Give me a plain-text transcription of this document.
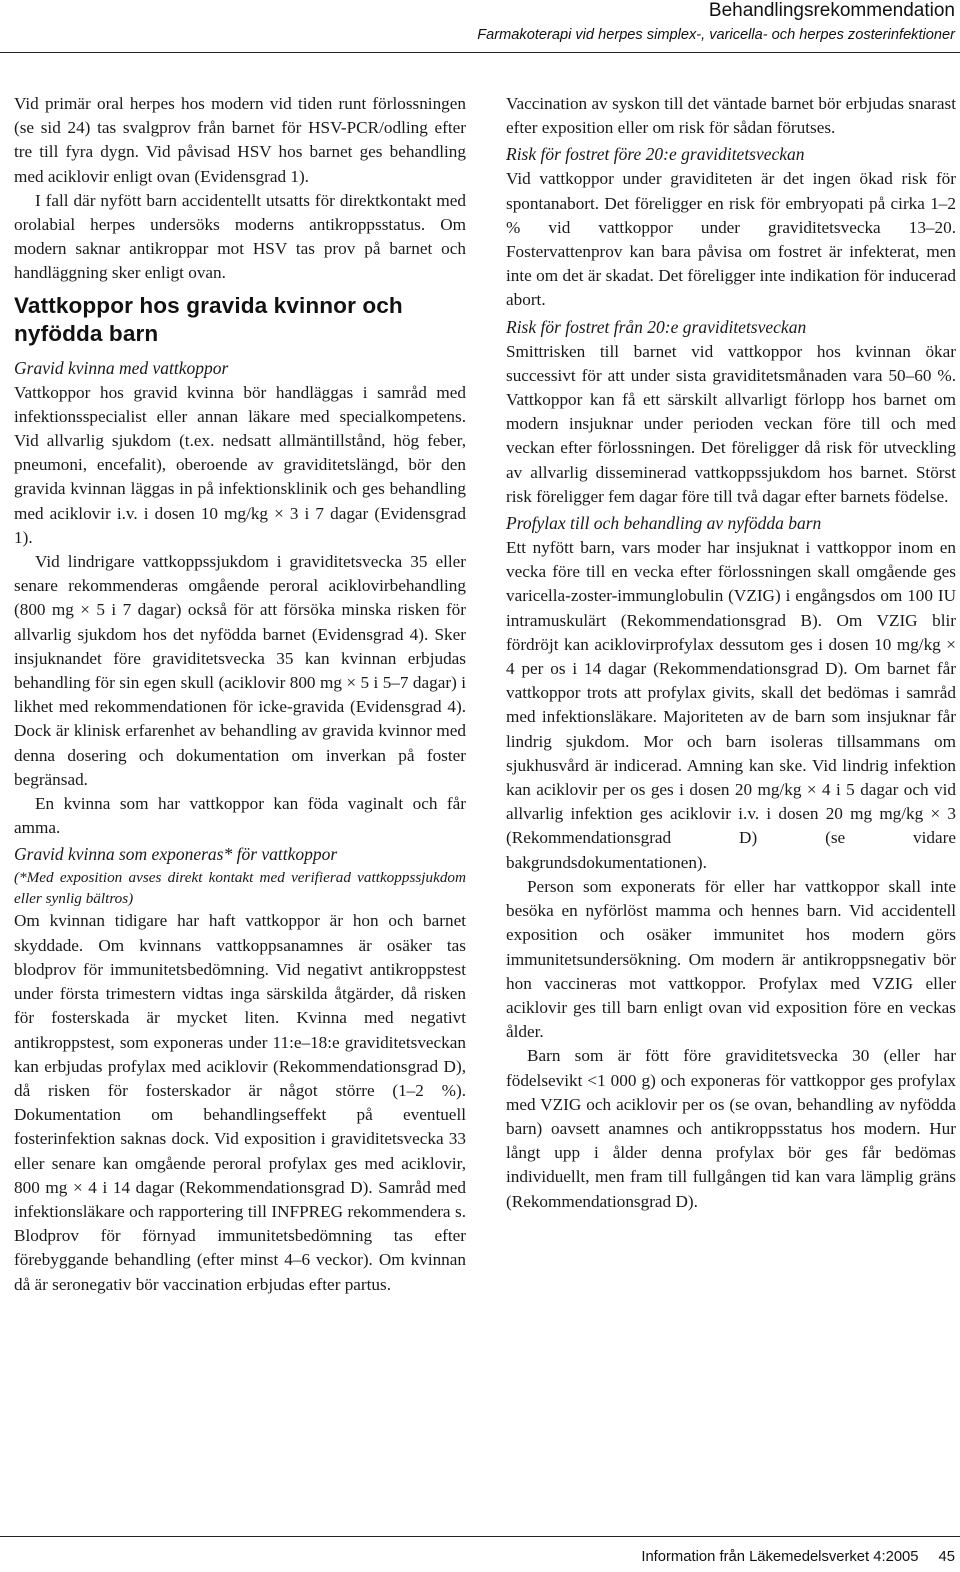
Behandlingsrekommendation
Farmakoterapi vid herpes simplex-, varicella- och herpes zosterinfektioner

Vid primär oral herpes hos modern vid tiden runt förlossningen (se sid 24) tas svalgprov från barnet för HSV-PCR/odling efter tre till fyra dygn. Vid påvisad HSV hos barnet ges behandling med aciklovir enligt ovan (Evidensgrad 1).

I fall där nyfött barn accidentellt utsatts för direktkontakt med orolabial herpes undersöks moderns antikroppsstatus. Om modern saknar antikroppar mot HSV tas prov på barnet och handläggning sker enligt ovan.

Vattkoppor hos gravida kvinnor och nyfödda barn
Gravid kvinna med vattkoppor

Vattkoppor hos gravid kvinna bör handläggas i samråd med infektionsspecialist eller annan läkare med specialkompetens. Vid allvarlig sjukdom (t.ex. nedsatt allmäntillstånd, hög feber, pneumoni, encefalit), oberoende av graviditetslängd, bör den gravida kvinnan läggas in på infektionsklinik och ges behandling med aciklovir i.v. i dosen 10 mg/kg × 3 i 7 dagar (Evidensgrad 1).

Vid lindrigare vattkoppssjukdom i graviditetsvecka 35 eller senare rekommenderas omgående peroral aciklovirbehandling (800 mg × 5 i 7 dagar) också för att försöka minska risken för allvarlig sjukdom hos det nyfödda barnet (Evidensgrad 4). Sker insjuknandet före graviditetsvecka 35 kan kvinnan erbjudas behandling för sin egen skull (aciklovir 800 mg × 5 i 5–7 dagar) i likhet med rekommendationen för icke-gravida (Evidensgrad 4). Dock är klinisk erfarenhet av behandling av gravida kvinnor med denna dosering och dokumentation om inverkan på foster begränsad.

En kvinna som har vattkoppor kan föda vaginalt och får amma.

Gravid kvinna som exponeras* för vattkoppor

(*Med exposition avses direkt kontakt med verifierad vattkoppssjukdom eller synlig bältros)

Om kvinnan tidigare har haft vattkoppor är hon och barnet skyddade. Om kvinnans vattkoppsanamnes är osäker tas blodprov för immunitetsbedömning. Vid negativt antikroppstest under första trimestern vidtas inga särskilda åtgärder, då risken för fosterskada är mycket liten. Kvinna med negativt antikroppstest, som exponeras under 11:e–18:e graviditetsveckan kan erbjudas profylax med aciklovir (Rekommendationsgrad D), då risken för fosterskador är något större (1–2 %). Dokumentation om behandlingseffekt på eventuell fosterinfektion saknas dock. Vid exposition i graviditetsvecka 33 eller senare kan omgående peroral profylax ges med aciklovir, 800 mg × 4 i 14 dagar (Rekommendationsgrad D). Samråd med infektionsläkare och rapportering till INFPREG rekommendera s. Blodprov för förnyad immunitetsbedömning tas efter förebyggande behandling (efter minst 4–6 veckor). Om kvinnan då är seronegativ bör vaccination erbjudas efter partus.

Vaccination av syskon till det väntade barnet bör erbjudas snarast efter exposition eller om risk för sådan förutses.

Risk för fostret före 20:e graviditetsveckan

Vid vattkoppor under graviditeten är det ingen ökad risk för spontanabort. Det föreligger en risk för embryopati på cirka 1–2 % vid vattkoppor under graviditetsvecka 13–20. Fostervattenprov kan bara påvisa om fostret är infekterat, men inte om det är skadat. Det föreligger inte indikation för inducerad abort.

Risk för fostret från 20:e graviditetsveckan

Smittrisken till barnet vid vattkoppor hos kvinnan ökar successivt för att under sista graviditetsmånaden vara 50–60 %. Vattkoppor kan få ett särskilt allvarligt förlopp hos barnet om modern insjuknar under perioden veckan före till och med veckan efter förlossningen. Det föreligger då risk för utveckling av allvarlig disseminerad vattkoppssjukdom hos barnet. Störst risk föreligger fem dagar före till två dagar efter barnets födelse.

Profylax till och behandling av nyfödda barn

Ett nyfött barn, vars moder har insjuknat i vattkoppor inom en vecka före till en vecka efter förlossningen skall omgående ges varicella-zoster-immunglobulin (VZIG) i engångsdos om 100 IU intramuskulärt (Rekommendationsgrad B). Om VZIG blir fördröjt kan aciklovirprofylax dessutom ges i dosen 10 mg/kg × 4 per os i 14 dagar (Rekommendationsgrad D). Om barnet får vattkoppor trots att profylax givits, skall det bedömas i samråd med infektionsläkare. Majoriteten av de barn som insjuknar får lindrig sjukdom. Mor och barn isoleras tillsammans om sjukhusvård är indicerad. Amning kan ske. Vid lindrig infektion kan aciklovir per os ges i dosen 20 mg/kg × 4 i 5 dagar och vid allvarlig infektion ges aciklovir i.v. i dosen 20 mg mg/kg × 3 (Rekommendationsgrad D) (se vidare bakgrundsdokumentationen).

Person som exponerats för eller har vattkoppor skall inte besöka en nyförlöst mamma och hennes barn. Vid accidentell exposition och osäker immunitet hos modern görs immunitetsundersökning. Om modern är antikroppsnegativ bör hon vaccineras mot vattkoppor. Profylax med VZIG eller aciklovir ges till barn enligt ovan vid exposition före en veckas ålder.

Barn som är fött före graviditetsvecka 30 (eller har födelsevikt <1 000 g) och exponeras för vattkoppor ges profylax med VZIG och aciklovir per os (se ovan, behandling av nyfödda barn) oavsett anamnes och antikroppsstatus hos modern. Hur långt upp i ålder denna profylax bör ges får bedömas individuellt, men fram till fullgången tid kan vara lämplig gräns (Rekommendationsgrad D).

Information från Läkemedelsverket 4:2005 45
